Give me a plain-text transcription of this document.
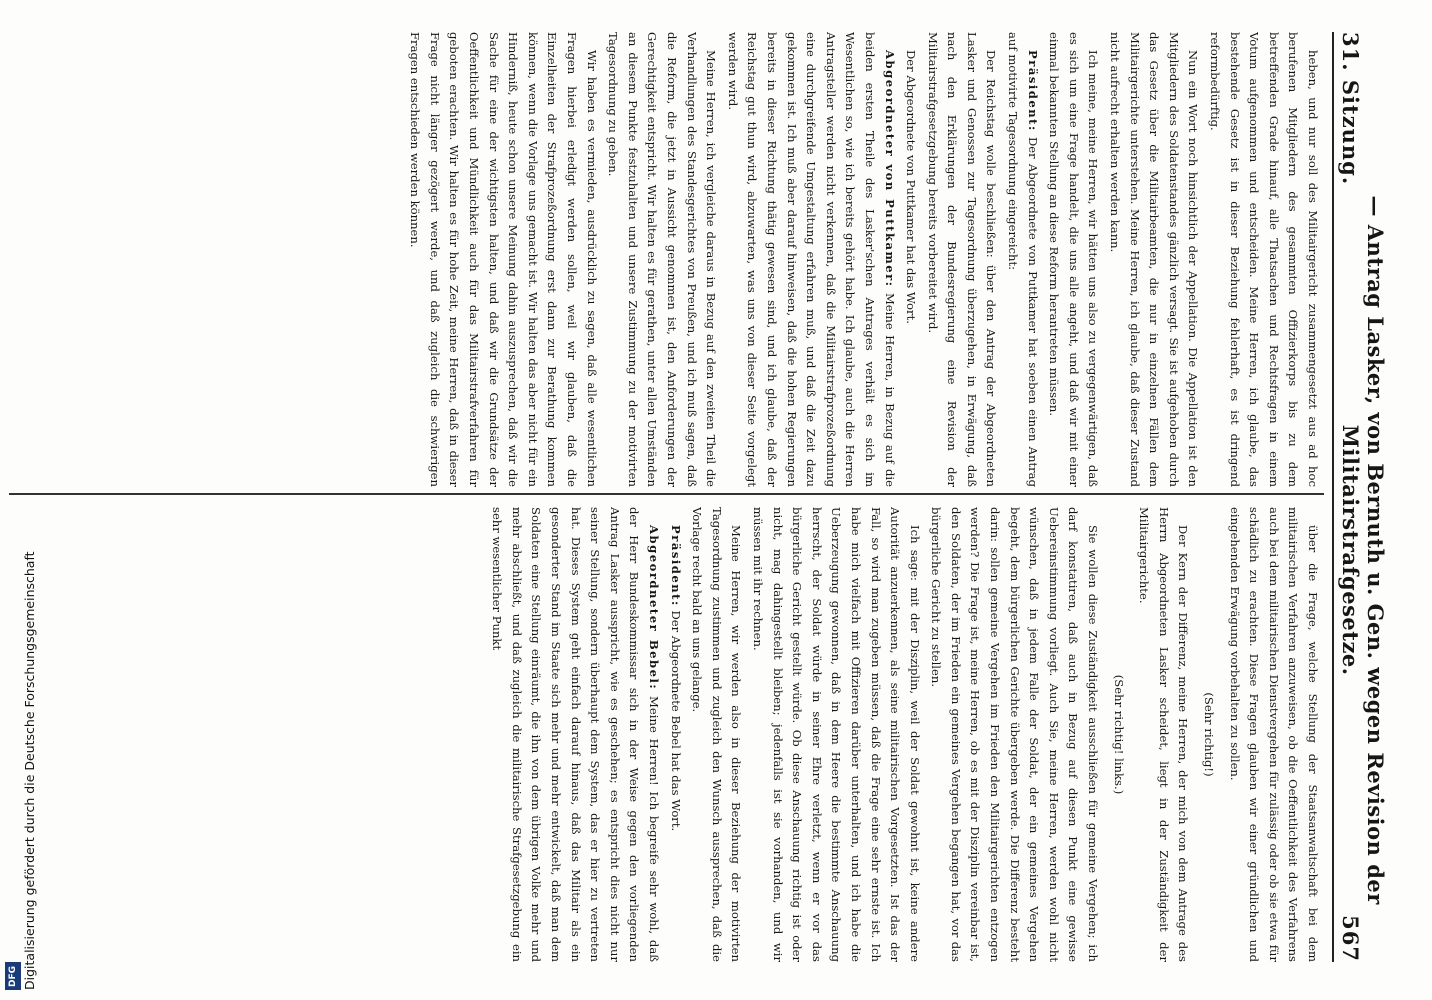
31. Sitzung.
— Antrag Lasker, von Bernuth u. Gen. wegen Revision der Militairstrafgesetze.
567

heben, und nur soll des Militairgericht zusammengesetzt aus ad hoc berufenen Mitgliedern des gesammten Offizierkorps bis zu dem betreffenden Grade hinauf, alle Thatsachen und Rechtsfragen in einem Votum aufgenommen und entscheiden. Meine Herren, ich glaube, das bestehende Gesetz ist in dieser Beziehung fehlerhaft, es ist dringend reformbedürftig.

Nun ein Wort noch hinsichtlich der Appellation. Die Appellation ist den Mitgliedern des Soldatenstandes gänzlich versagt. Sie ist aufgehoben durch das Gesetz über die Militairbeamten, die nur in einzelnen Fällen dem Militairgerichte unterstehen. Meine Herren, ich glaube, daß dieser Zustand nicht aufrecht erhalten werden kann.

Ich meine, meine Herren, wir hätten uns also zu vergegenwärtigen, daß es sich um eine Frage handelt, die uns alle angeht, und daß wir mit einer einmal bekannten Stellung an diese Reform herantreten müssen.

Präsident: Der Abgeordnete von Puttkamer hat soeben einen Antrag auf motivirte Tagesordnung eingereicht:

Der Reichstag wolle beschließen: über den Antrag der Abgeordneten Lasker und Genossen zur Tagesordnung überzugehen, in Erwägung, daß nach den Erklärungen der Bundesregierung eine Revision der Militairstrafgesetzgebung bereits vorbereitet wird.

Der Abgeordnete von Puttkamer hat das Wort.

Abgeordneter von Puttkamer: Meine Herren, in Bezug auf die beiden ersten Theile des Lasker'schen Antrages verhält es sich im Wesentlichen so, wie ich bereits gehört habe. Ich glaube, auch die Herren Antragsteller werden nicht verkennen, daß die Militairstrafprozeßordnung eine durchgreifende Umgestaltung erfahren muß, und daß die Zeit dazu gekommen ist. Ich muß aber darauf hinweisen, daß die hohen Regierungen bereits in dieser Richtung thätig gewesen sind, und ich glaube, daß der Reichstag gut thun wird, abzuwarten, was uns von dieser Seite vorgelegt werden wird.

Meine Herren, ich vergleiche daraus in Bezug auf den zweiten Theil die Verhandlungen des Standesgerichtes von Preußen, und ich muß sagen, daß die Reform, die jetzt in Aussicht genommen ist, den Anforderungen der Gerechtigkeit entspricht. Wir halten es für gerathen, unter allen Umständen an diesem Punkte festzuhalten und unsere Zustimmung zu der motivirten Tagesordnung zu geben.

Wir haben es vermieden, ausdrücklich zu sagen, daß alle wesentlichen Fragen hierbei erledigt werden sollen, weil wir glauben, daß die Einzelheiten der Strafprozeßordnung erst dann zur Berathung kommen können, wenn die Vorlage uns gemacht ist. Wir halten das aber nicht für ein Hinderniß, heute schon unsere Meinung dahin auszusprechen, daß wir die Sache für eine der wichtigsten halten, und daß wir die Grundsätze der Oeffentlichkeit und Mündlichkeit auch für das Militairstrafverfahren für geboten erachten. Wir halten es für hohe Zeit, meine Herren, daß in dieser Frage nicht länger gezögert werde, und daß zugleich die schwierigen Fragen entschieden werden können.

über die Frage, welche Stellung der Staatsanwaltschaft bei dem militairischen Verfahren anzuweisen, ob die Oeffentlichkeit des Verfahrens auch bei dem militairischen Dienstvergehen für zulässig oder ob sie etwa für schädlich zu erachten. Diese Fragen glauben wir einer gründlichen und eingehenden Erwägung vorbehalten zu sollen.

(Sehr richtig!)

Der Kern der Differenz, meine Herren, der mich von dem Antrage des Herrn Abgeordneten Lasker scheidet, liegt in der Zuständigkeit der Militairgerichte.

(Sehr richtig! links.)

Sie wollen diese Zuständigkeit ausschließen für gemeine Vergehen; ich darf konstatiren, daß auch in Bezug auf diesen Punkt eine gewisse Uebereinstimmung vorliegt. Auch Sie, meine Herren, werden wohl nicht wünschen, daß in jedem Falle der Soldat, der ein gemeines Vergehen begeht, dem bürgerlichen Gerichte übergeben werde. Die Differenz besteht darin: sollen gemeine Vergehen im Frieden den Militairgerichten entzogen werden? Die Frage ist, meine Herren, ob es mit der Disziplin vereinbar ist, den Soldaten, der im Frieden ein gemeines Vergehen begangen hat, vor das bürgerliche Gericht zu stellen.

Ich sage: mit der Disziplin, weil der Soldat gewohnt ist, keine andere Autorität anzuerkennen, als seine militairischen Vorgesetzten. Ist das der Fall, so wird man zugeben müssen, daß die Frage eine sehr ernste ist. Ich habe mich vielfach mit Offizieren darüber unterhalten, und ich habe die Ueberzeugung gewonnen, daß in dem Heere die bestimmte Anschauung herrscht, der Soldat würde in seiner Ehre verletzt, wenn er vor das bürgerliche Gericht gestellt würde. Ob diese Anschauung richtig ist oder nicht, mag dahingestellt bleiben; jedenfalls ist sie vorhanden, und wir müssen mit ihr rechnen.

Meine Herren, wir werden also in dieser Beziehung der motivirten Tagesordnung zustimmen und zugleich den Wunsch aussprechen, daß die Vorlage recht bald an uns gelange.

Präsident: Der Abgeordnete Bebel hat das Wort.

Abgeordneter Bebel: Meine Herren! Ich begreife sehr wohl, daß der Herr Bundeskommissar sich in der Weise gegen den vorliegenden Antrag Lasker ausspricht, wie es geschehen; es entspricht dies nicht nur seiner Stellung, sondern überhaupt dem System, das er hier zu vertreten hat. Dieses System geht einfach darauf hinaus, daß das Militair als ein gesonderter Stand im Staate sich mehr und mehr entwickelt, daß man dem Soldaten eine Stellung einräumt, die ihn von dem übrigen Volke mehr und mehr abschließt, und daß zugleich die militairische Strafgesetzgebung ein sehr wesentlicher Punkt

Digitalisierung gefördert durch die Deutsche Forschungsgemeinschaft
DFG
